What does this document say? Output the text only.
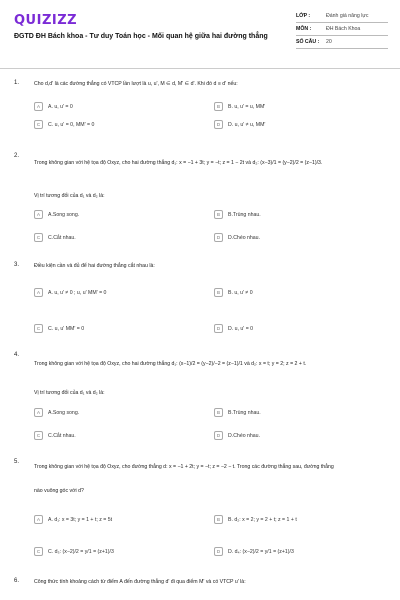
QUIZIZZ
ĐGTD ĐH Bách khoa - Tư duy Toán học - Mối quan hệ giữa hai đường thẳng
LỚP :	Đánh giá năng lực
MÔN :	ĐH Bách Khoa
SỐ CÂU :	20
1.	Cho d,d' là các đường thẳng có VTCP lần lượt là u, u', M ∈ d, M' ∈ d'. Khi đó d ≡ d' nếu:
A	A. u, u' = 0	B	B. u, u' = u, MM'
C	C. u, u' = 0, MM' = 0	D	D. u, u' ≠ u, MM'
2.
Trong không gian với hệ tọa độ Oxyz, cho hai đường thẳng d₁: x = −1 + 3t; y = −t; z = 1 − 2t và d₂: (x−3)/1 = (y−2)/2 = (z−1)/3.
Vị trí tương đối của d₁ và d₂ là:
A	A.Song song.	B	B.Trùng nhau.
C	C.Cắt nhau.	D	D.Chéo nhau.
3.	Điều kiện cần và đủ để hai đường thẳng cắt nhau là:
A	A. u, u' ≠ 0 ; u, u' MM' = 0	B	B. u, u' ≠ 0
C	C. u, u' MM' = 0	D	D. u, u' = 0
4.
Trong không gian với hệ tọa độ Oxyz, cho hai đường thẳng d₁: (x−1)/2 = (y−2)/−2 = (z−1)/1 và d₂: x = t; y = 2; z = 2 + t.
Vị trí tương đối của d₁ và d₂ là:
A	A.Song song.	B	B.Trùng nhau.
C	C.Cắt nhau.	D	D.Chéo nhau.
5.
Trong không gian với hệ tọa độ Oxyz, cho đường thẳng d: x = −1 + 2t; y = −t; z = −2 − t. Trong các đường thẳng sau, đường thẳng
nào vuông góc với d?
A	A. d₁: x = 3t; y = 1 + t; z = 5t	B	B. d₂: x = 2; y = 2 + t; z = 1 + t
C	C. d₃: (x−2)/2 = y/1 = (z+1)/3	D	D. d₄: (x−2)/2 = y/1 = (z+1)/3
6.	Công thức tính khoảng cách từ điểm A đến đường thẳng d' đi qua điểm M' và có VTCP u' là:
